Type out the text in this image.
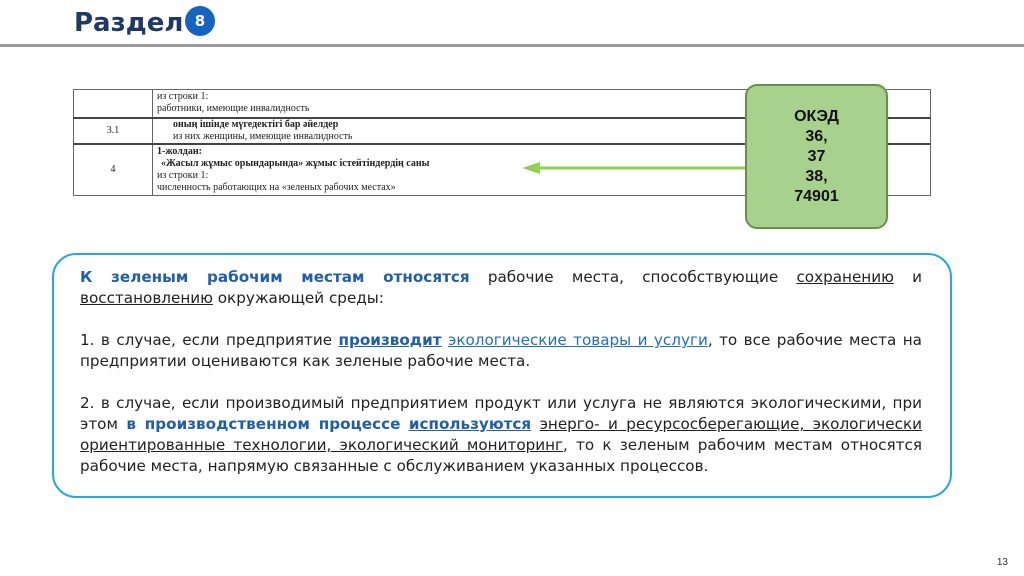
Раздел 8

	из строки 1:
работники, имеющие инвалидность

3.1	оның ішінде мүгедектігі бар әйелдер
из них женщины, имеющие инвалидность

4	1-жолдан:
«Жасыл жұмыс орындарында» жұмыс істейтіндердің саны
из строки 1:
численность работающих на «зеленых рабочих местах»
ОКЭД
36,
37
38,
74901

К зеленым рабочим местам относятся рабочие места, способствующие сохранению и восстановлению окружающей среды:

1. в случае, если предприятие производит экологические товары и услуги, то все рабочие места на предприятии оцениваются как зеленые рабочие места.

2. в случае, если производимый предприятием продукт или услуга не являются экологическими, при этом в производственном процессе используются энерго- и ресурсосберегающие, экологически ориентированные технологии, экологический мониторинг, то к зеленым рабочим местам относятся рабочие места, напрямую связанные с обслуживанием указанных процессов.

13
